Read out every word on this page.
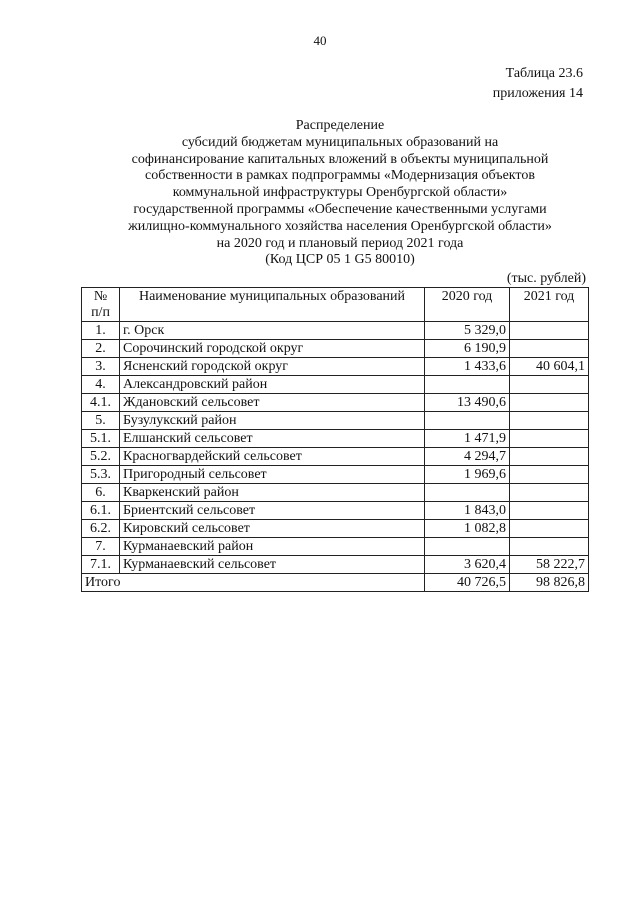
40
Таблица 23.6
приложения 14
Распределение
субсидий бюджетам муниципальных образований на
софинансирование капитальных вложений в объекты муниципальной
собственности в рамках подпрограммы «Модернизация объектов
коммунальной инфраструктуры Оренбургской области»
государственной программы «Обеспечение качественными услугами
жилищно-коммунального хозяйства населения Оренбургской области»
на 2020 год и плановый период 2021 года
(Код ЦСР 05 1 G5 80010)
(тыс. рублей)
№
п/п	Наименование муниципальных образований	2020 год	2021 год
1.	г. Орск	5 329,0	
2.	Сорочинский городской округ	6 190,9	
3.	Ясненский городской округ	1 433,6	40 604,1
4.	Александровский район		
4.1.	Ждановский сельсовет	13 490,6	
5.	Бузулукский район		
5.1.	Елшанский сельсовет	1 471,9	
5.2.	Красногвардейский сельсовет	4 294,7	
5.3.	Пригородный сельсовет	1 969,6	
6.	Кваркенский район		
6.1.	Бриентский сельсовет	1 843,0	
6.2.	Кировский сельсовет	1 082,8	
7.	Курманаевский район		
7.1.	Курманаевский сельсовет	3 620,4	58 222,7
Итого		40 726,5	98 826,8
